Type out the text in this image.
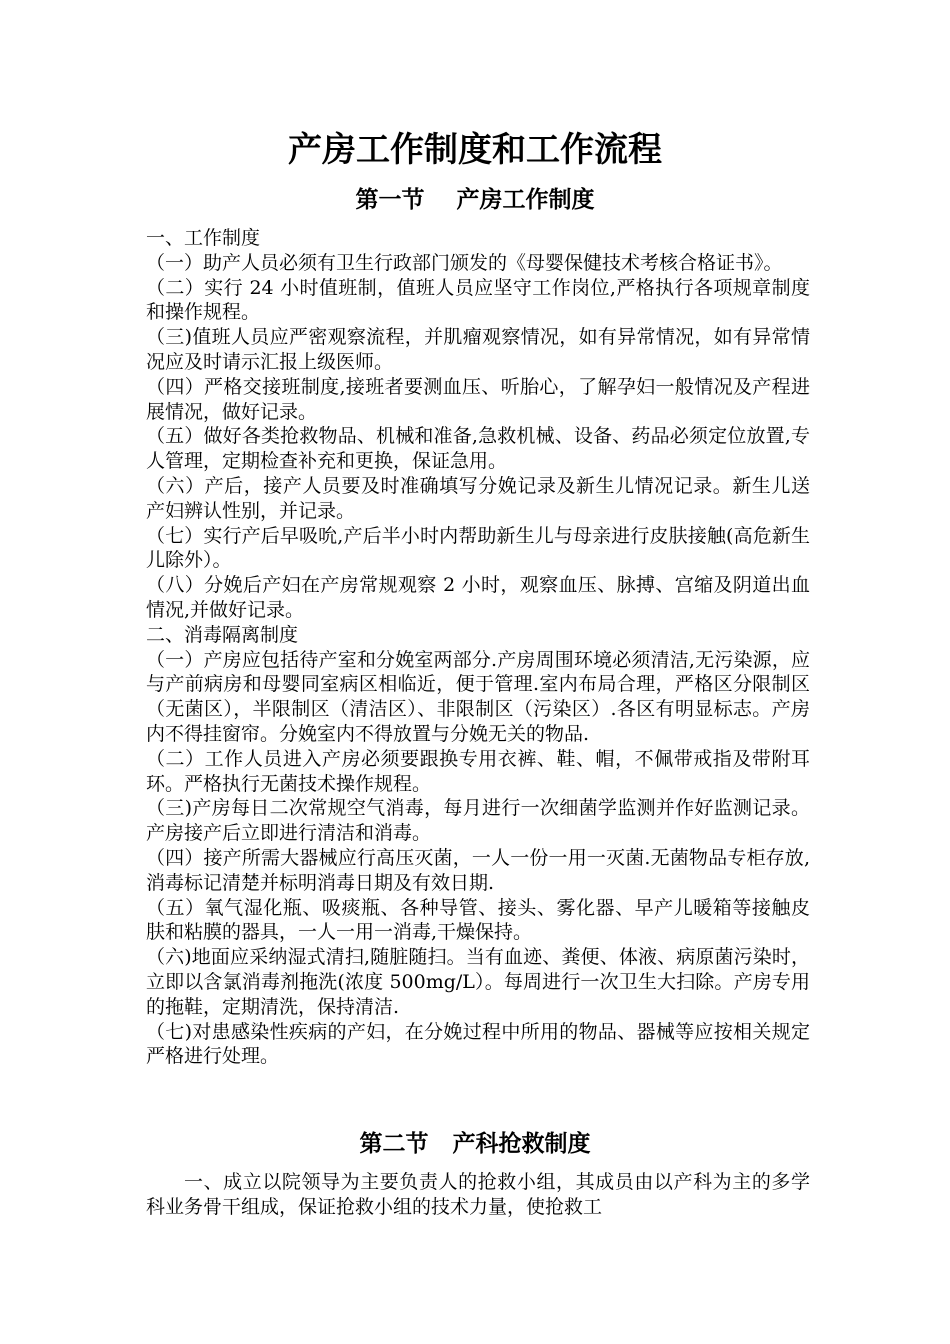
产房工作制度和工作流程
第一节    产房工作制度

一、工作制度

（一）助产人员必须有卫生行政部门颁发的《母婴保健技术考核合格证书》。

（二）实行 24 小时值班制，值班人员应坚守工作岗位,严格执行各项规章制度和操作规程。

（三)值班人员应严密观察流程，并肌瘤观察情况，如有异常情况，如有异常情况应及时请示汇报上级医师。

（四）严格交接班制度,接班者要测血压、听胎心，了解孕妇一般情况及产程进展情况，做好记录。

（五）做好各类抢救物品、机械和准备,急救机械、设备、药品必须定位放置,专人管理，定期检查补充和更换，保证急用。

（六）产后，接产人员要及时准确填写分娩记录及新生儿情况记录。新生儿送产妇辨认性别，并记录。

（七）实行产后早吸吮,产后半小时内帮助新生儿与母亲进行皮肤接触(高危新生儿除外）。

（八）分娩后产妇在产房常规观察 2 小时，观察血压、脉搏、宫缩及阴道出血情况,并做好记录。

二、消毒隔离制度

（一）产房应包括待产室和分娩室两部分.产房周围环境必须清洁,无污染源，应与产前病房和母婴同室病区相临近，便于管理.室内布局合理，严格区分限制区（无菌区），半限制区（清洁区）、非限制区（污染区）.各区有明显标志。产房内不得挂窗帘。分娩室内不得放置与分娩无关的物品.

（二）工作人员进入产房必须要跟换专用衣裤、鞋、帽，不佩带戒指及带附耳环。严格执行无菌技术操作规程。

（三)产房每日二次常规空气消毒，每月进行一次细菌学监测并作好监测记录。产房接产后立即进行清洁和消毒。

（四）接产所需大器械应行高压灭菌，一人一份一用一灭菌.无菌物品专柜存放,消毒标记清楚并标明消毒日期及有效日期.

（五）氧气湿化瓶、吸痰瓶、各种导管、接头、雾化器、早产儿暖箱等接触皮肤和粘膜的器具，一人一用一消毒,干燥保持。

（六)地面应采纳湿式清扫,随脏随扫。当有血迹、粪便、体液、病原菌污染时，立即以含氯消毒剂拖洗(浓度 500mg/L）。每周进行一次卫生大扫除。产房专用的拖鞋，定期清洗，保持清洁.

（七)对患感染性疾病的产妇，在分娩过程中所用的物品、器械等应按相关规定严格进行处理。

第二节   产科抢救制度

一、成立以院领导为主要负责人的抢救小组，其成员由以产科为主的多学科业务骨干组成，保证抢救小组的技术力量，使抢救工
